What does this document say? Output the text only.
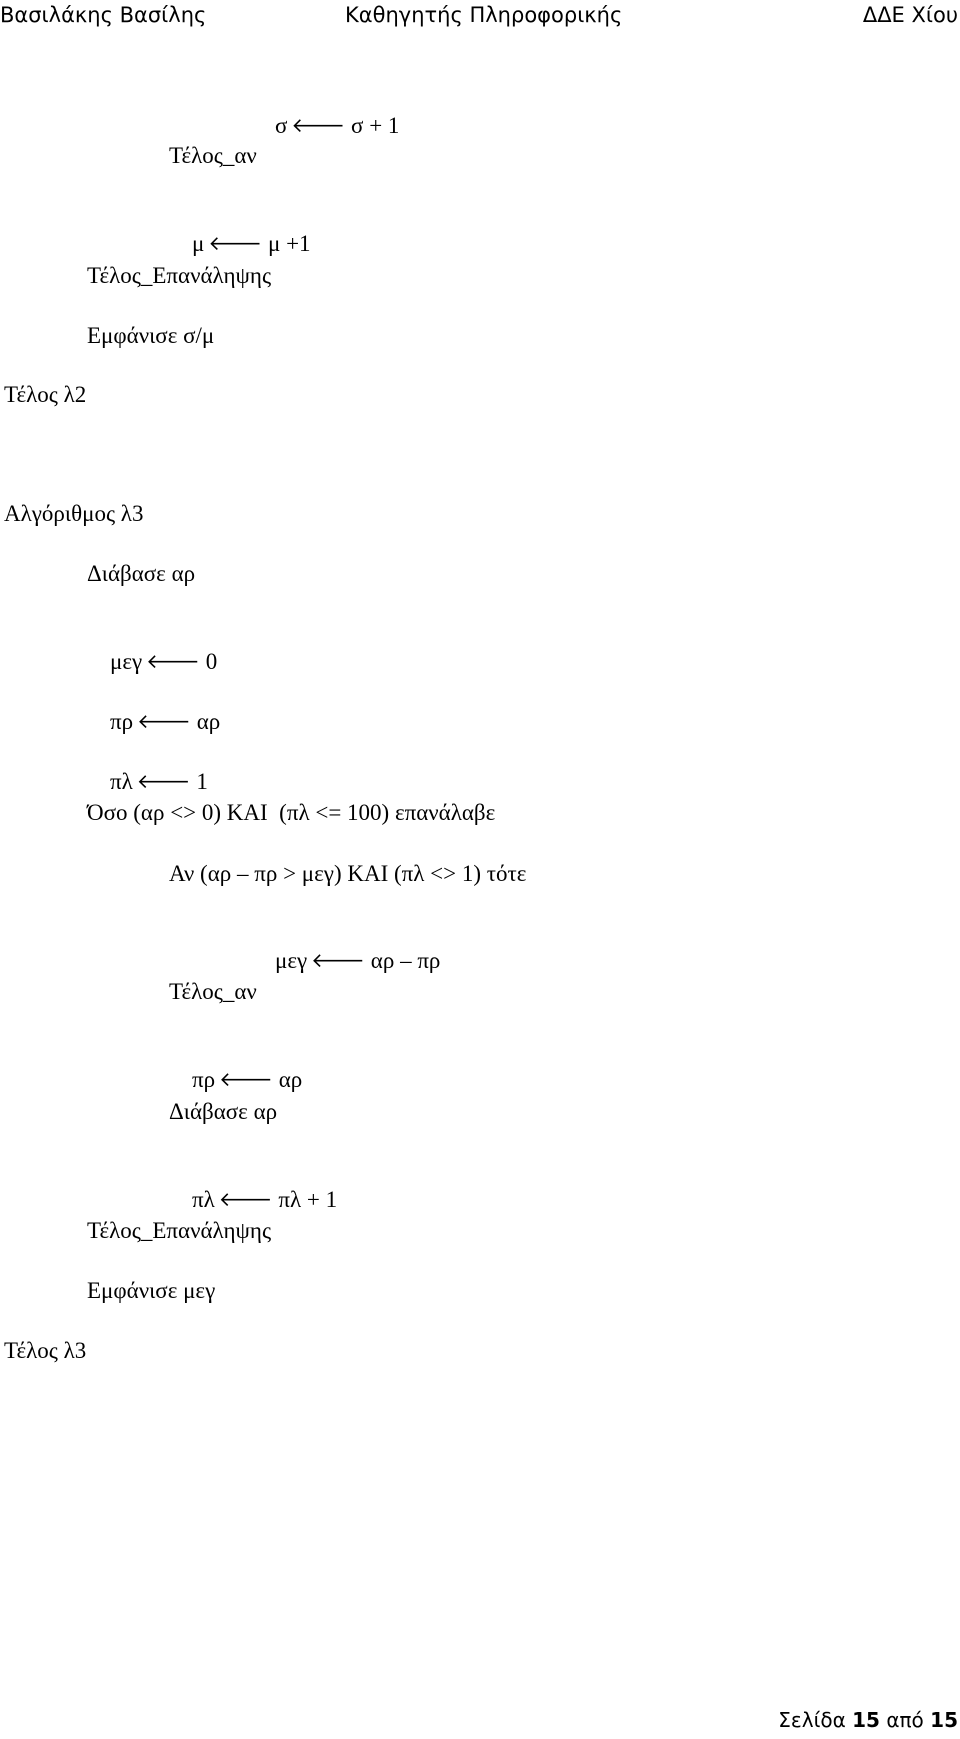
Βασιλάκης Βασίλης	Καθηγητής Πληροφορικής	ΔΔΕ Χίου

σ 🡐 σ + 1

Τέλος_αν

μ 🡐 μ +1

Τέλος_Επανάληψης
Εμφάνισε σ/μ
Τέλος λ2
Αλγόριθμος λ3
Διάβασε αρ

μεγ 🡐 0

πρ 🡐 αρ

πλ 🡐 1

Όσο (αρ <> 0) ΚΑΙ  (πλ <= 100) επανάλαβε
Αν (αρ – πρ > μεγ) ΚΑΙ (πλ <> 1) τότε

μεγ 🡐 αρ – πρ

Τέλος_αν

πρ 🡐 αρ

Διάβασε αρ

πλ 🡐 πλ + 1

Τέλος_Επανάληψης
Εμφάνισε μεγ
Τέλος λ3
Σελίδα 15 από 15
